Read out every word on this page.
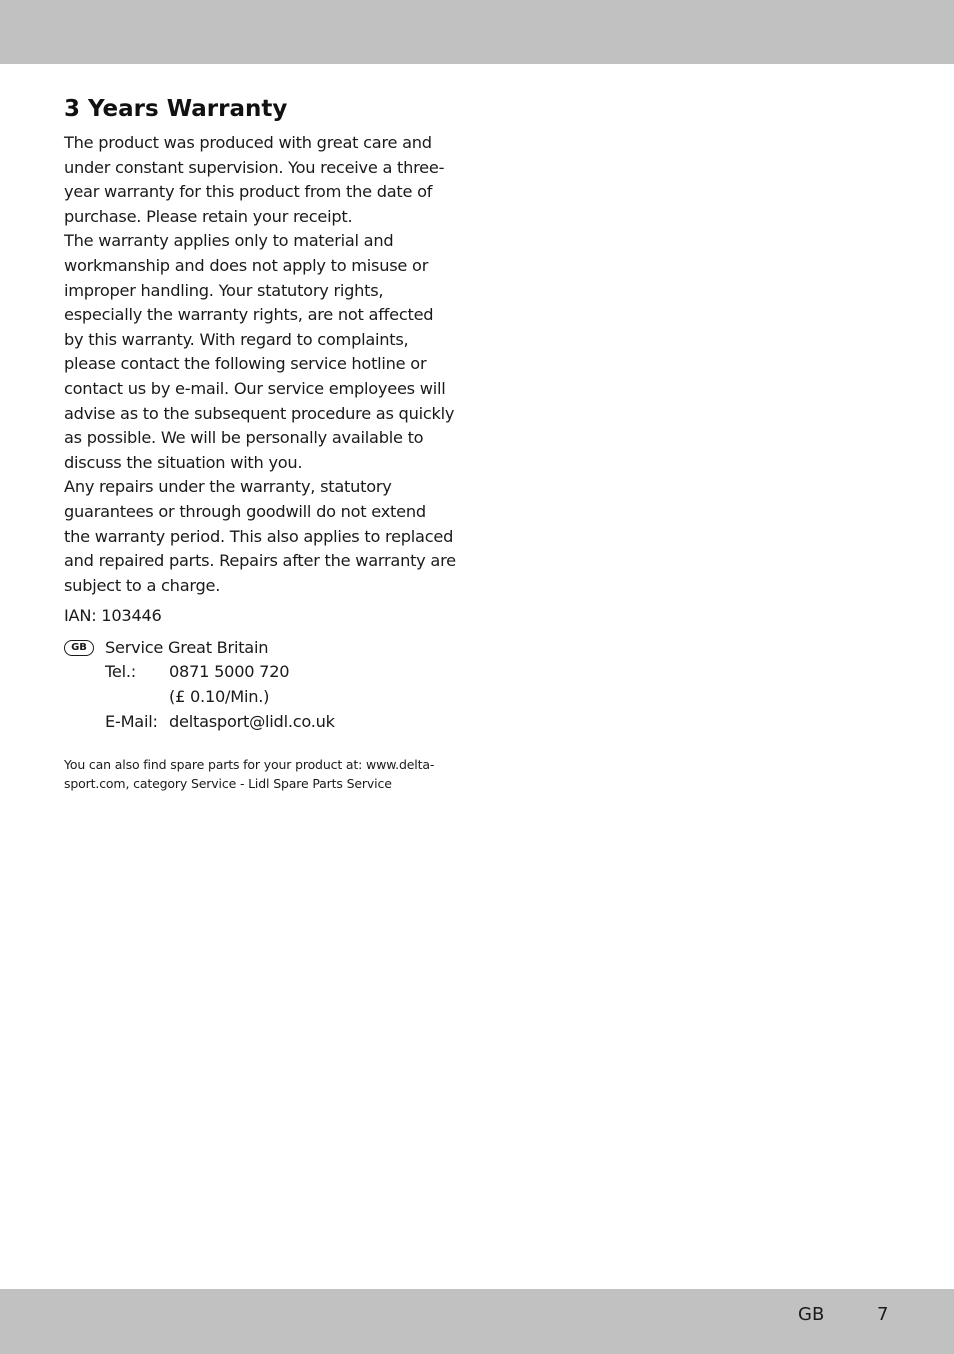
3 Years Warranty

The product was produced with great care and under constant supervision. You receive a three-year warranty for this product from the date of purchase. Please retain your receipt.

The warranty applies only to material and workmanship and does not apply to misuse or improper handling. Your statutory rights, especially the warranty rights, are not affected by this warranty. With regard to complaints, please contact the following service hotline or contact us by e-mail. Our service employees will advise as to the subsequent procedure as quickly as possible. We will be personally available to discuss the situation with you.

Any repairs under the warranty, statutory guarantees or through goodwill do not extend the warranty period. This also applies to replaced and repaired parts. Repairs after the warranty are subject to a charge.

IAN: 103446

GB	Service Great Britain
Tel.:	0871 5000 720
(£ 0.10/Min.)
E-Mail: deltasport@lidl.co.uk

You can also find spare parts for your product at: www.delta-sport.com, category Service - Lidl Spare Parts Service

GB	7
